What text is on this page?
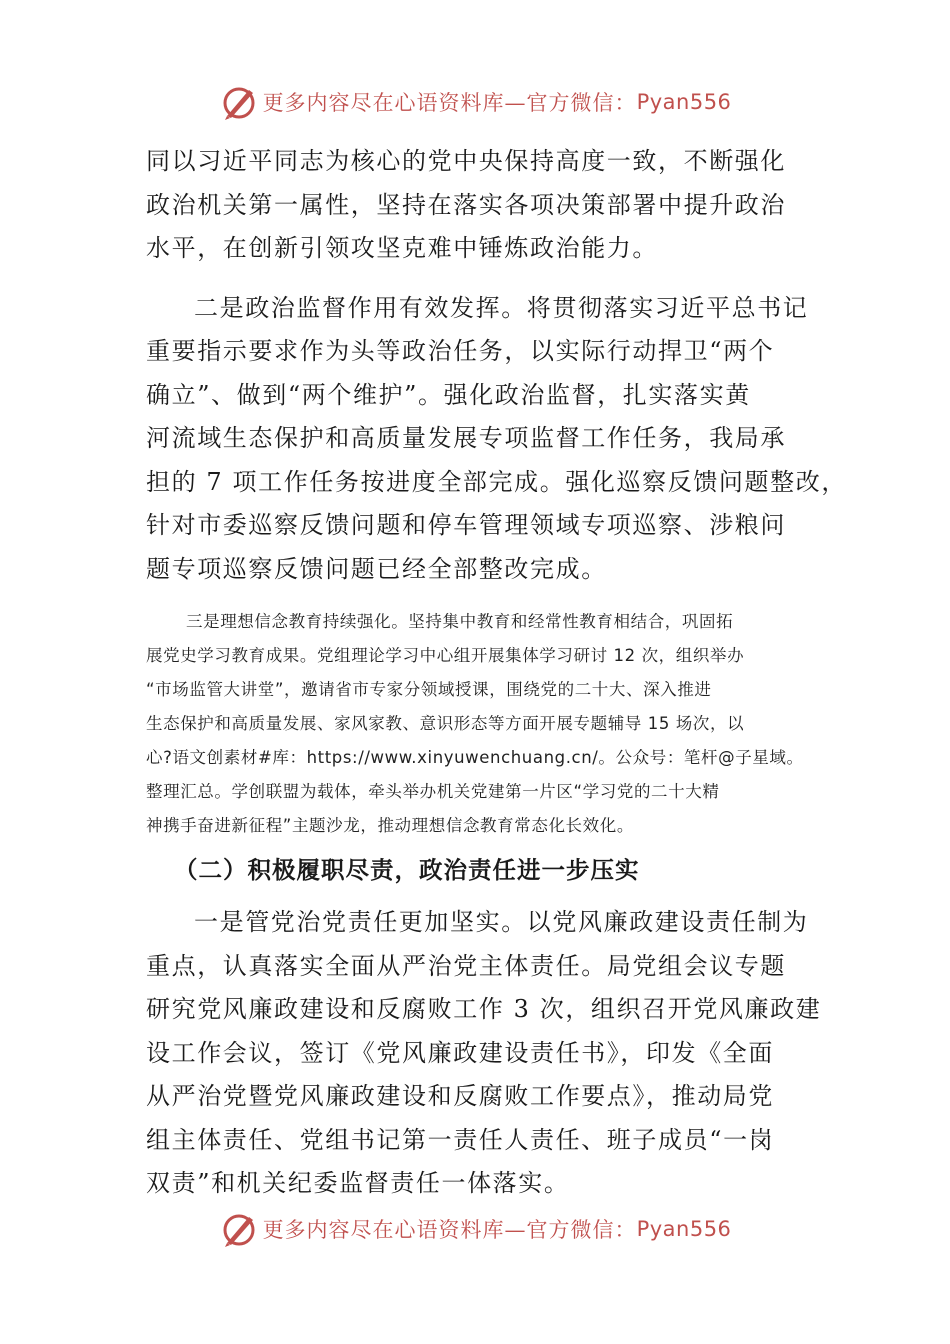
更多内容尽在心语资料库—官方微信： Pyan556
同以习近平同志为核心的党中央保持高度一致，不断强化
政治机关第一属性，坚持在落实各项决策部署中提升政治
水平，在创新引领攻坚克难中锤炼政治能力。
二是政治监督作用有效发挥。将贯彻落实习近平总书记
重要指示要求作为头等政治任务，以实际行动捍卫“两个
确立”、做到“两个维护”。强化政治监督，扎实落实黄
河流域生态保护和高质量发展专项监督工作任务，我局承
担的 7 项工作任务按进度全部完成。强化巡察反馈问题整改，
针对市委巡察反馈问题和停车管理领域专项巡察、涉粮问
题专项巡察反馈问题已经全部整改完成。
三是理想信念教育持续强化。坚持集中教育和经常性教育相结合，巩固拓
展党史学习教育成果。党组理论学习中心组开展集体学习研讨 12 次，组织举办
“市场监管大讲堂”，邀请省市专家分领域授课，围绕党的二十大、深入推进
生态保护和高质量发展、家风家教、意识形态等方面开展专题辅导 15 场次，以
心?语文创素材#库：https://www.xinyuwenchuang.cn/。公众号：笔杆@子星域。
整理汇总。学创联盟为载体，牵头举办机关党建第一片区“学习党的二十大精
神携手奋进新征程”主题沙龙，推动理想信念教育常态化长效化。
（二）积极履职尽责，政治责任进一步压实
一是管党治党责任更加坚实。以党风廉政建设责任制为
重点，认真落实全面从严治党主体责任。局党组会议专题
研究党风廉政建设和反腐败工作 3 次，组织召开党风廉政建
设工作会议，签订《党风廉政建设责任书》，印发《全面
从严治党暨党风廉政建设和反腐败工作要点》，推动局党
组主体责任、党组书记第一责任人责任、班子成员“一岗
双责”和机关纪委监督责任一体落实。
更多内容尽在心语资料库—官方微信： Pyan556
